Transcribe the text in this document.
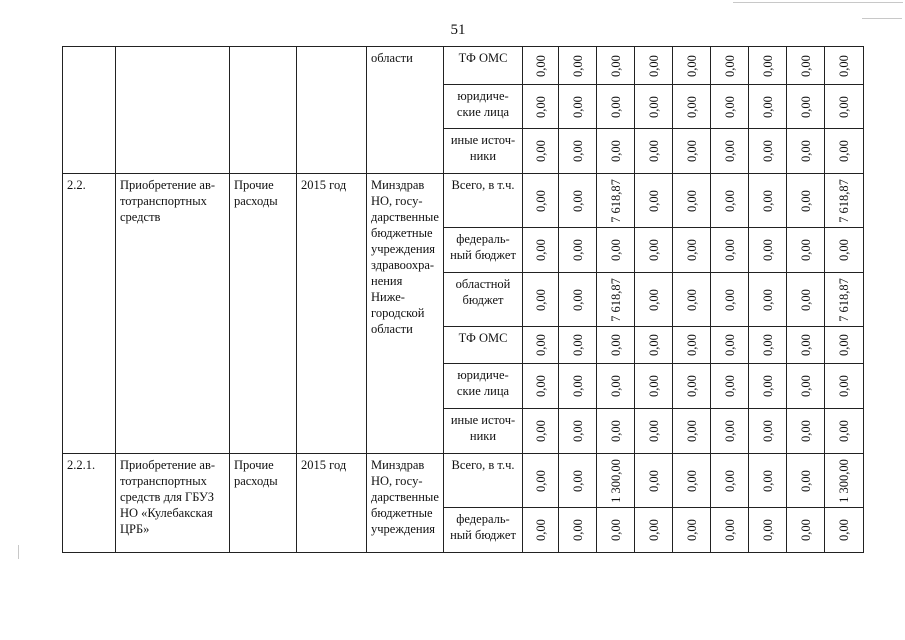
51
				области	ТФ ОМС	0,00	0,00	0,00	0,00	0,00	0,00	0,00	0,00	0,00

					юридиче-ские лица	0,00	0,00	0,00	0,00	0,00	0,00	0,00	0,00	0,00

					иные источ-ники	0,00	0,00	0,00	0,00	0,00	0,00	0,00	0,00	0,00

2.2.	Приобретение ав-тотранспортных средств	Прочие расходы	2015 год	Минздрав НО, госу-дарственные бюджетные учреждения здравоохра-нения Ниже-городской области	Всего, в т.ч.	0,00	0,00	7 618,87	0,00	0,00	0,00	0,00	0,00	7 618,87

					федераль-ный бюджет	0,00	0,00	0,00	0,00	0,00	0,00	0,00	0,00	0,00

					областной бюджет	0,00	0,00	7 618,87	0,00	0,00	0,00	0,00	0,00	7 618,87

					ТФ ОМС	0,00	0,00	0,00	0,00	0,00	0,00	0,00	0,00	0,00

					юридиче-ские лица	0,00	0,00	0,00	0,00	0,00	0,00	0,00	0,00	0,00

					иные источ-ники	0,00	0,00	0,00	0,00	0,00	0,00	0,00	0,00	0,00

2.2.1.	Приобретение ав-тотранспортных средств для ГБУЗ НО «Кулебакская ЦРБ»	Прочие расходы	2015 год	Минздрав НО, госу-дарственные бюджетные учреждения	Всего, в т.ч.	0,00	0,00	1 300,00	0,00	0,00	0,00	0,00	0,00	1 300,00

					федераль-ный бюджет	0,00	0,00	0,00	0,00	0,00	0,00	0,00	0,00	0,00
